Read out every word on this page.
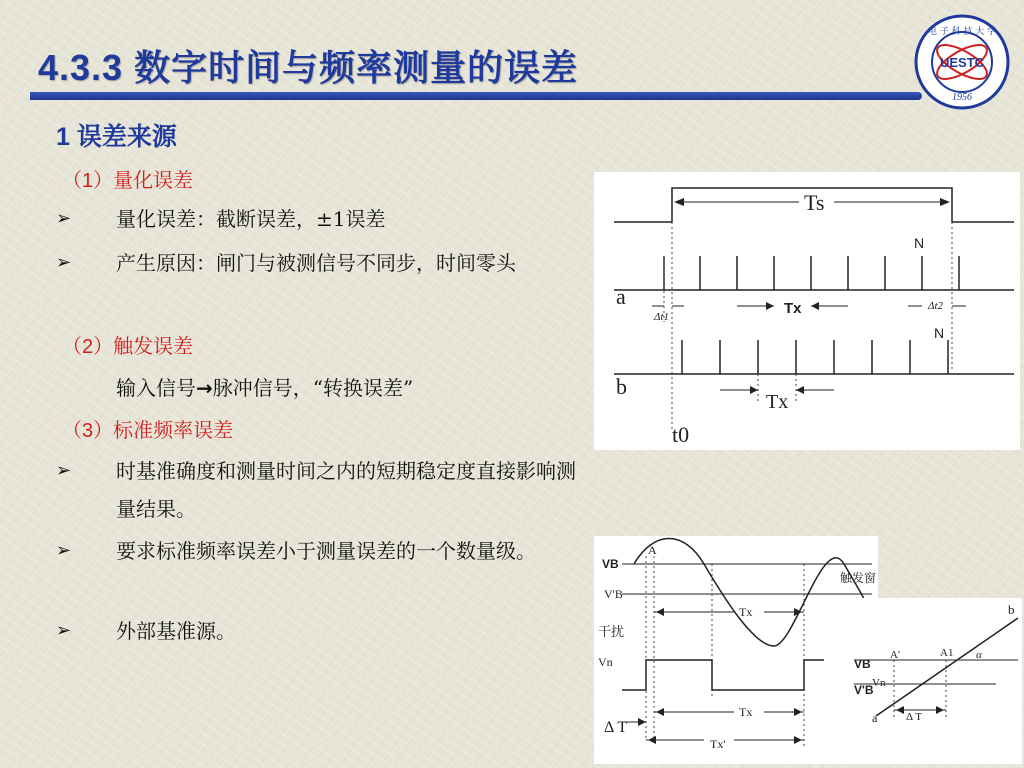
4.3.3 数字时间与频率测量的误差	UESTC
1956
电 子 科 技 大 学
1 误差来源
（1）量化误差
➢	量化误差：截断误差，±1误差
➢	产生原因：闸门与被测信号不同步，时间零头
（2）触发误差
输入信号→脉冲信号，“转换误差”
（3）标准频率误差
➢	时基准确度和测量时间之内的短期稳定度直接影响测量结果。
➢	要求标准频率误差小于测量误差的一个数量级。
➢	外部基准源。
Ts
N
a
Δt1	Tx	Δt2
N
b
Tx
t0
VB
A
V'B
触发窗
Tx
干扰
Vn
Tx
Δ T
Tx'
b
VB
A'	A1 α
V'B
Vn
Δ T
a
